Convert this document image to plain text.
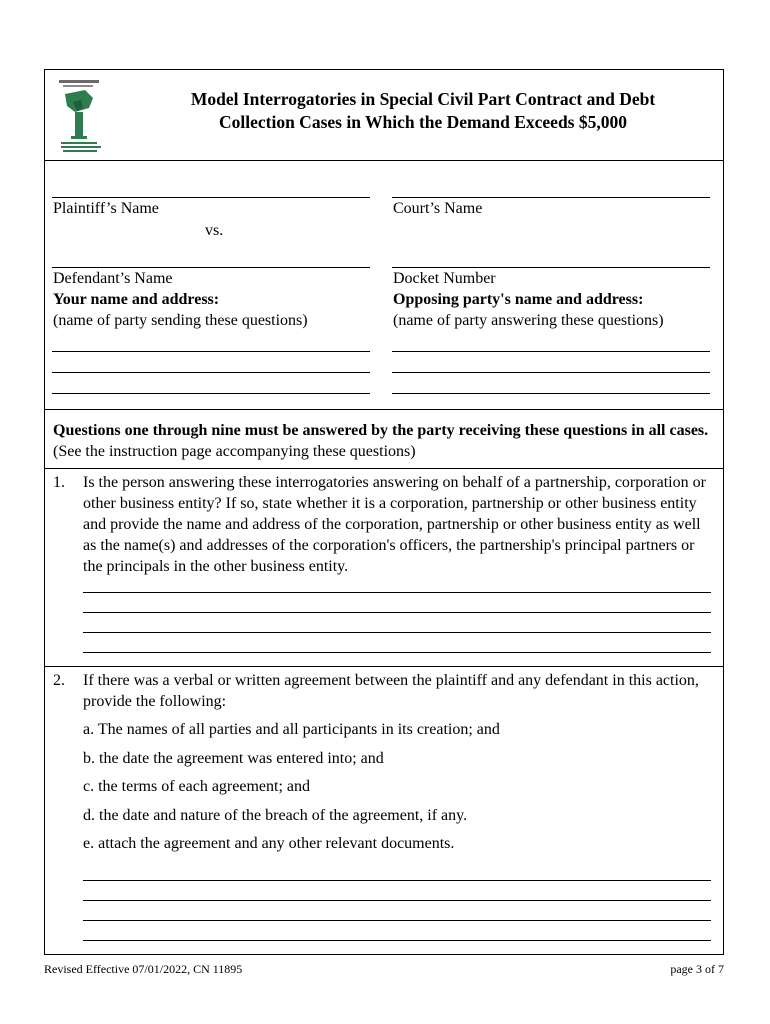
Model Interrogatories in Special Civil Part Contract and Debt
Collection Cases in Which the Demand Exceeds $5,000
Plaintiff’s Name
vs.
Defendant’s Name
Your name and address:
(name of party sending these questions)
Court’s Name
Docket Number
Opposing party's name and address:
(name of party answering these questions)
Questions one through nine must be answered by the party receiving these questions in all cases. (See the instruction page accompanying these questions)
1. Is the person answering these interrogatories answering on behalf of a partnership, corporation or other business entity? If so, state whether it is a corporation, partnership or other business entity and provide the name and address of the corporation, partnership or other business entity as well as the name(s) and addresses of the corporation's officers, the partnership's principal partners or the principals in the other business entity.
2. If there was a verbal or written agreement between the plaintiff and any defendant in this action, provide the following:
a. The names of all parties and all participants in its creation; and
b. the date the agreement was entered into; and
c. the terms of each agreement; and
d. the date and nature of the breach of the agreement, if any.
e. attach the agreement and any other relevant documents.
Revised Effective 07/01/2022, CN 11895	page 3 of 7
